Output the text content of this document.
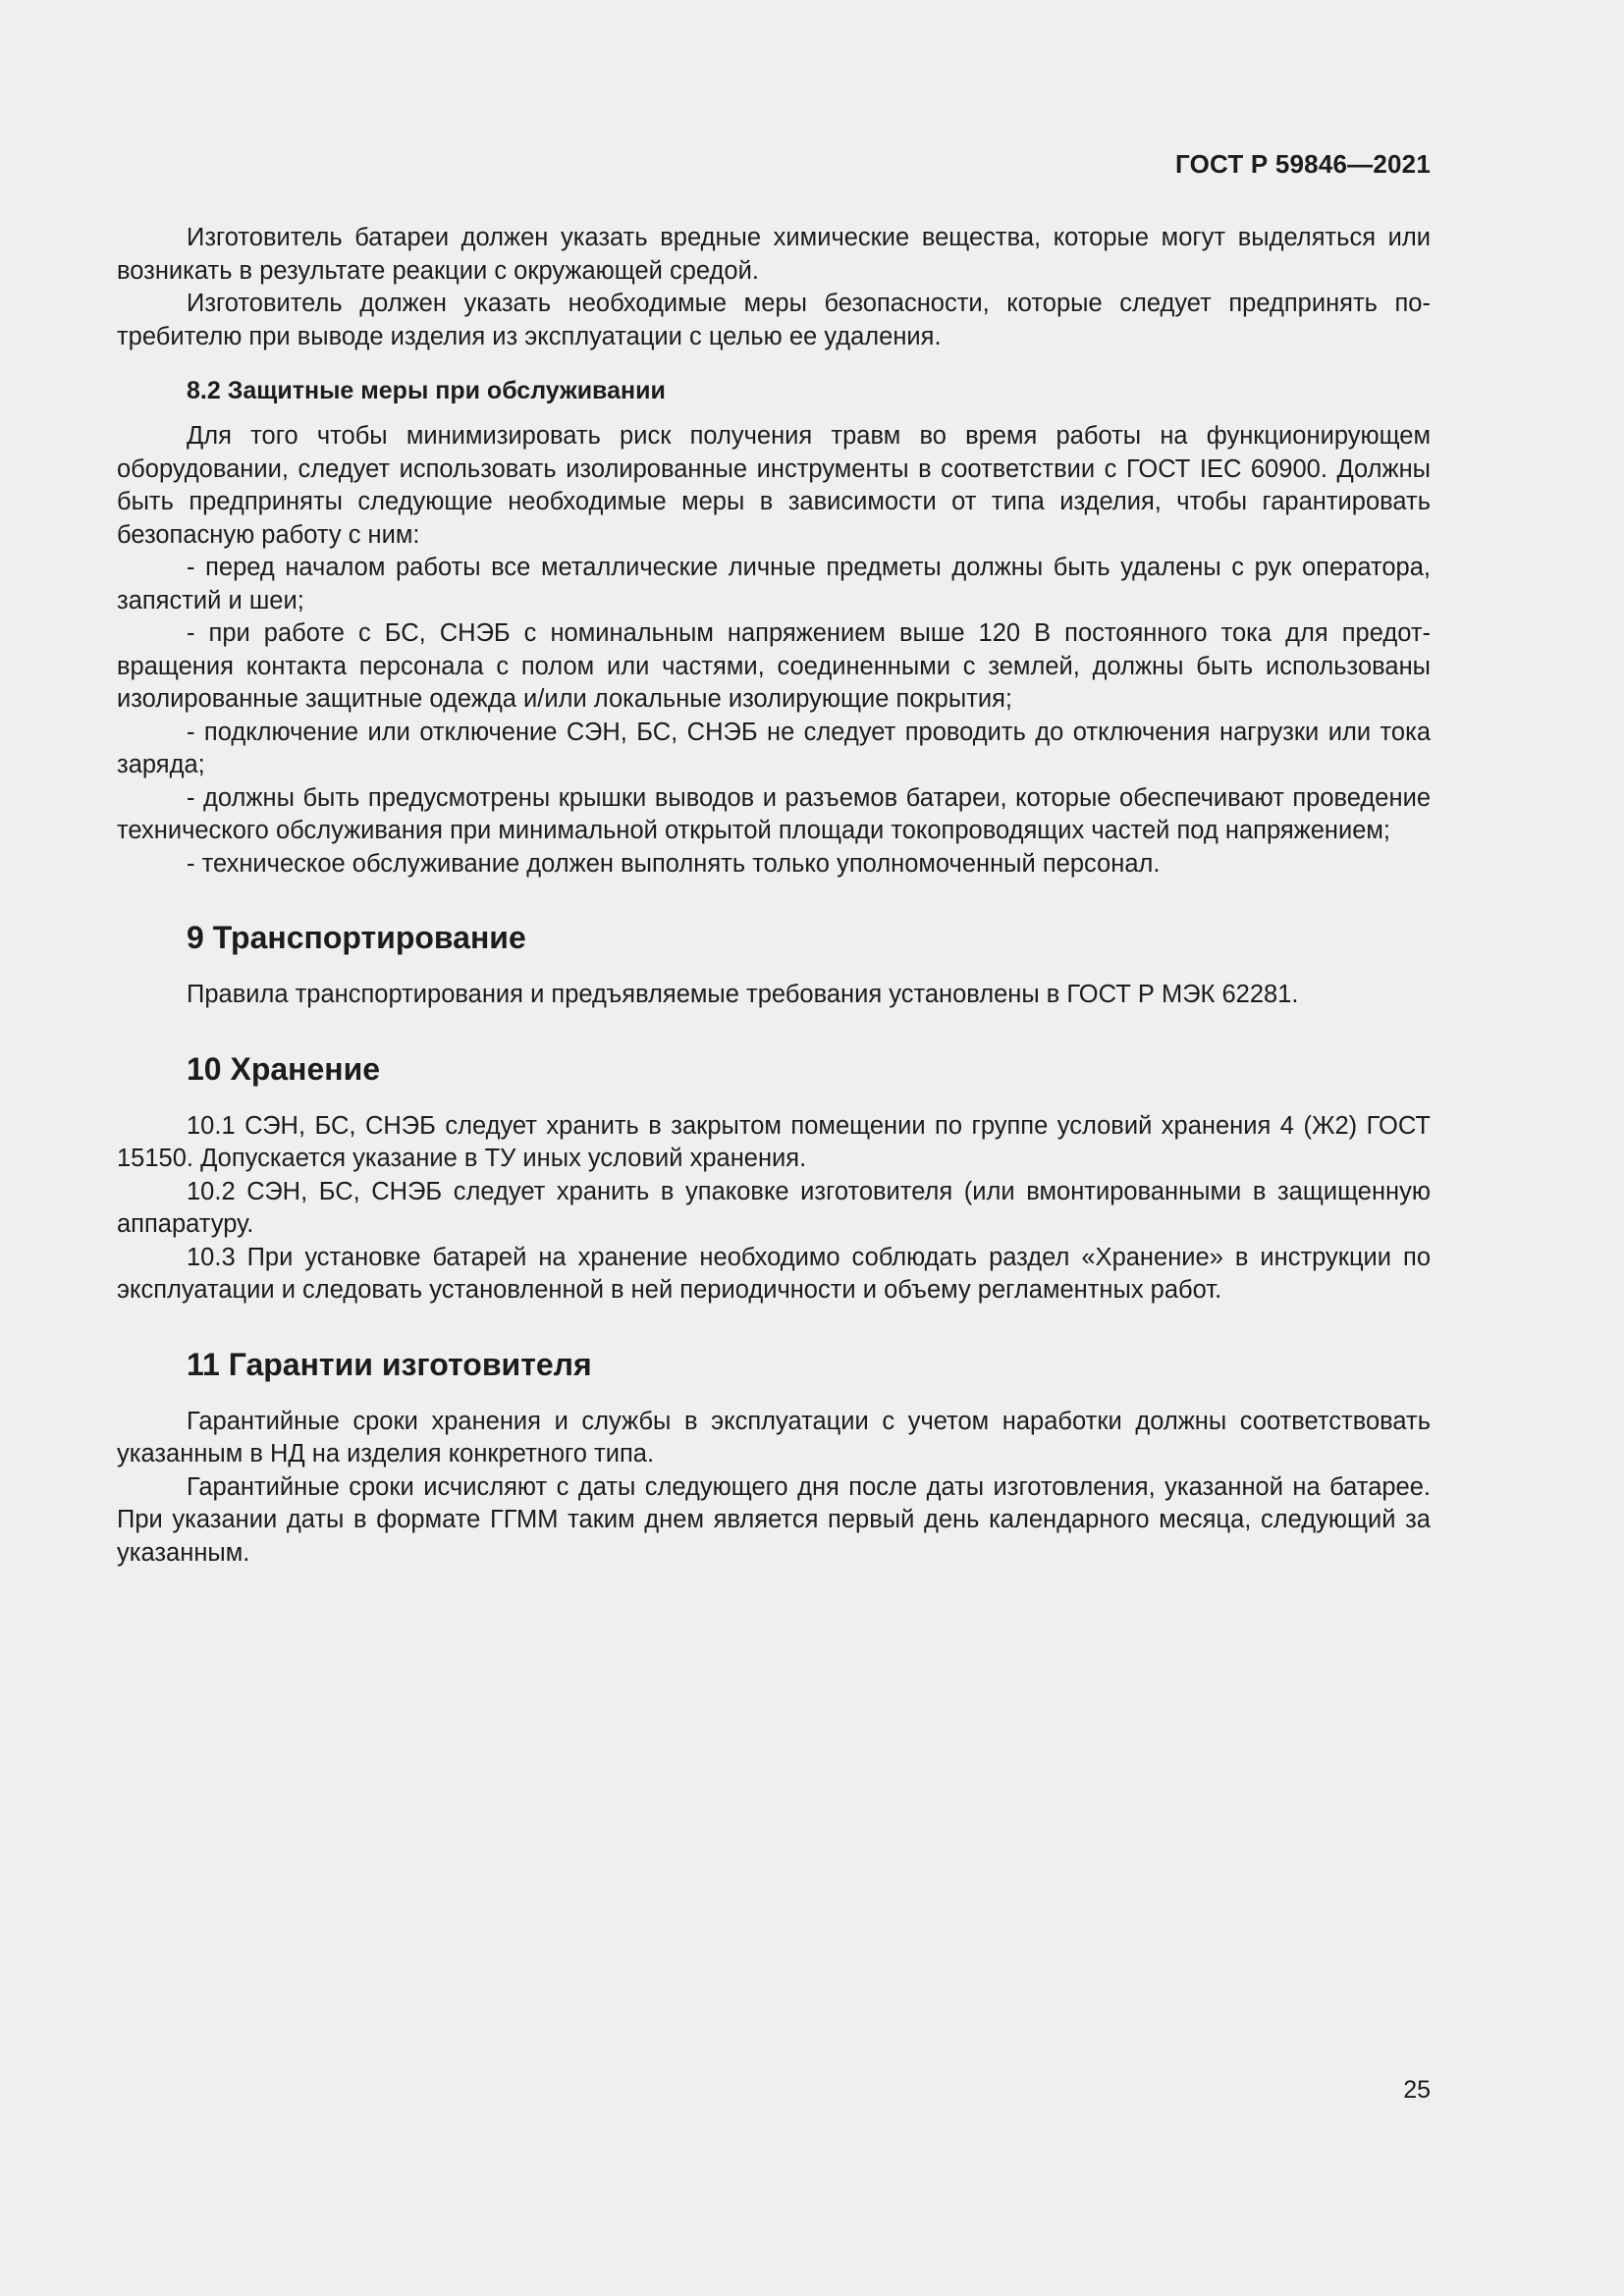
ГОСТ Р 59846—2021

Изготовитель батареи должен указать вредные химические вещества, которые могут выделяться или возникать в результате реакции с окружающей средой.

Изготовитель должен указать необходимые меры безопасности, которые следует предпринять потребителю при выводе изделия из эксплуатации с целью ее удаления.

8.2 Защитные меры при обслуживании

Для того чтобы минимизировать риск получения травм во время работы на функционирующем оборудовании, следует использовать изолированные инструменты в соответствии с ГОСТ IEC 60900. Должны быть предприняты следующие необходимые меры в зависимости от типа изделия, чтобы гарантировать безопасную работу с ним:

- перед началом работы все металлические личные предметы должны быть удалены с рук оператора, запястий и шеи;

- при работе с БС, СНЭБ с номинальным напряжением выше 120 В постоянного тока для предотвращения контакта персонала с полом или частями, соединенными с землей, должны быть использованы изолированные защитные одежда и/или локальные изолирующие покрытия;

- подключение или отключение СЭН, БС, СНЭБ не следует проводить до отключения нагрузки или тока заряда;

- должны быть предусмотрены крышки выводов и разъемов батареи, которые обеспечивают проведение технического обслуживания при минимальной открытой площади токопроводящих частей под напряжением;

- техническое обслуживание должен выполнять только уполномоченный персонал.

9 Транспортирование

Правила транспортирования и предъявляемые требования установлены в ГОСТ Р МЭК 62281.

10 Хранение

10.1 СЭН, БС, СНЭБ следует хранить в закрытом помещении по группе условий хранения 4 (Ж2) ГОСТ 15150. Допускается указание в ТУ иных условий хранения.

10.2 СЭН, БС, СНЭБ следует хранить в упаковке изготовителя (или вмонтированными в защищенную аппаратуру.

10.3 При установке батарей на хранение необходимо соблюдать раздел «Хранение» в инструкции по эксплуатации и следовать установленной в ней периодичности и объему регламентных работ.

11 Гарантии изготовителя

Гарантийные сроки хранения и службы в эксплуатации с учетом наработки должны соответствовать указанным в НД на изделия конкретного типа.

Гарантийные сроки исчисляют с даты следующего дня после даты изготовления, указанной на батарее. При указании даты в формате ГГММ таким днем является первый день календарного месяца, следующий за указанным.

25
